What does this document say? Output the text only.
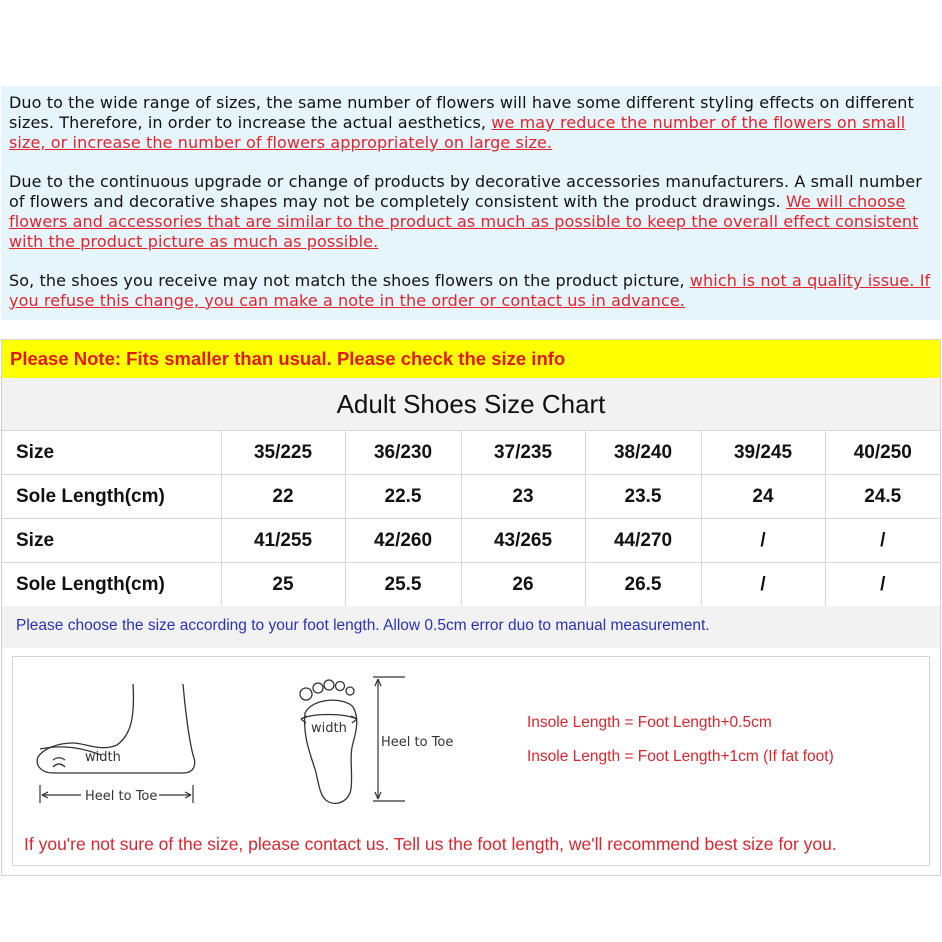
Duo to the wide range of sizes, the same number of flowers will have some different styling effects on different sizes. Therefore, in order to increase the actual aesthetics, we may reduce the number of the flowers on small size, or increase the number of flowers appropriately on large size.

Due to the continuous upgrade or change of products by decorative accessories manufacturers. A small number of flowers and decorative shapes may not be completely consistent with the product drawings. We will choose flowers and accessories that are similar to the product as much as possible to keep the overall effect consistent with the product picture as much as possible.

So, the shoes you receive may not match the shoes flowers on the product picture, which is not a quality issue. If you refuse this change, you can make a note in the order or contact us in advance.

Please Note: Fits smaller than usual. Please check the size info
Adult Shoes Size Chart
Size	35/225	36/230	37/235	38/240	39/245	40/250
Sole Length(cm)	22	22.5	23	23.5	24	24.5
Size	41/255	42/260	43/265	44/270	/	/
Sole Length(cm)	25	25.5	26	26.5	/	/
Please choose the size according to your foot length. Allow 0.5cm error duo to manual measurement.
width
Heel to Toe
width
Heel to Toe
Insole Length = Foot Length+0.5cm
Insole Length = Foot Length+1cm (If fat foot)
If you're not sure of the size, please contact us. Tell us the foot length, we'll recommend best size for you.
